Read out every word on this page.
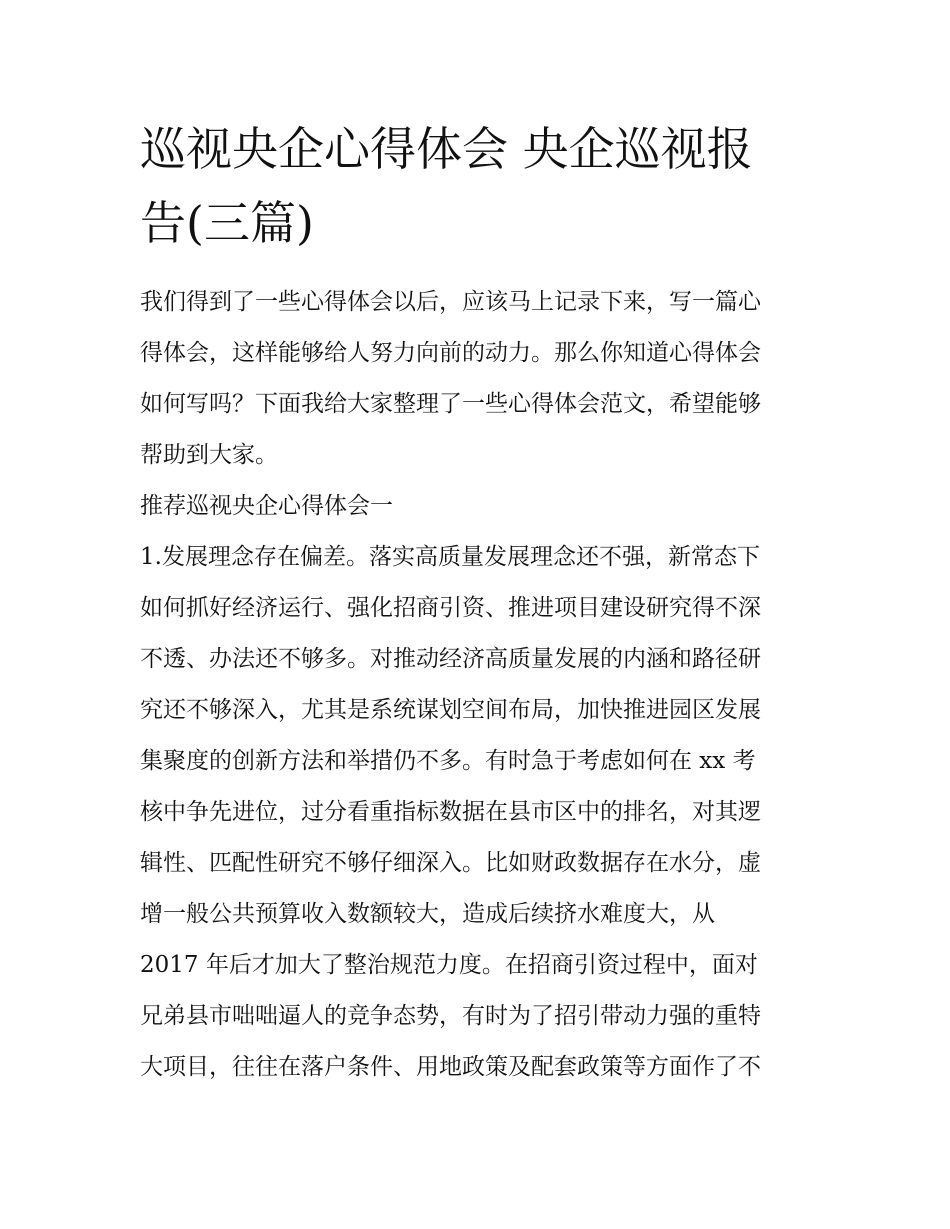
巡视央企心得体会 央企巡视报
告(三篇)
我们得到了一些心得体会以后，应该马上记录下来，写一篇心
得体会，这样能够给人努力向前的动力。那么你知道心得体会
如何写吗？下面我给大家整理了一些心得体会范文，希望能够
帮助到大家。
推荐巡视央企心得体会一
1.发展理念存在偏差。落实高质量发展理念还不强，新常态下
如何抓好经济运行、强化招商引资、推进项目建设研究得不深
不透、办法还不够多。对推动经济高质量发展的内涵和路径研
究还不够深入，尤其是系统谋划空间布局，加快推进园区发展
集聚度的创新方法和举措仍不多。有时急于考虑如何在 xx 考
核中争先进位，过分看重指标数据在县市区中的排名，对其逻
辑性、匹配性研究不够仔细深入。比如财政数据存在水分，虚
增一般公共预算收入数额较大，造成后续挤水难度大，从
2017 年后才加大了整治规范力度。在招商引资过程中，面对
兄弟县市咄咄逼人的竞争态势，有时为了招引带动力强的重特
大项目，往往在落户条件、用地政策及配套政策等方面作了不
